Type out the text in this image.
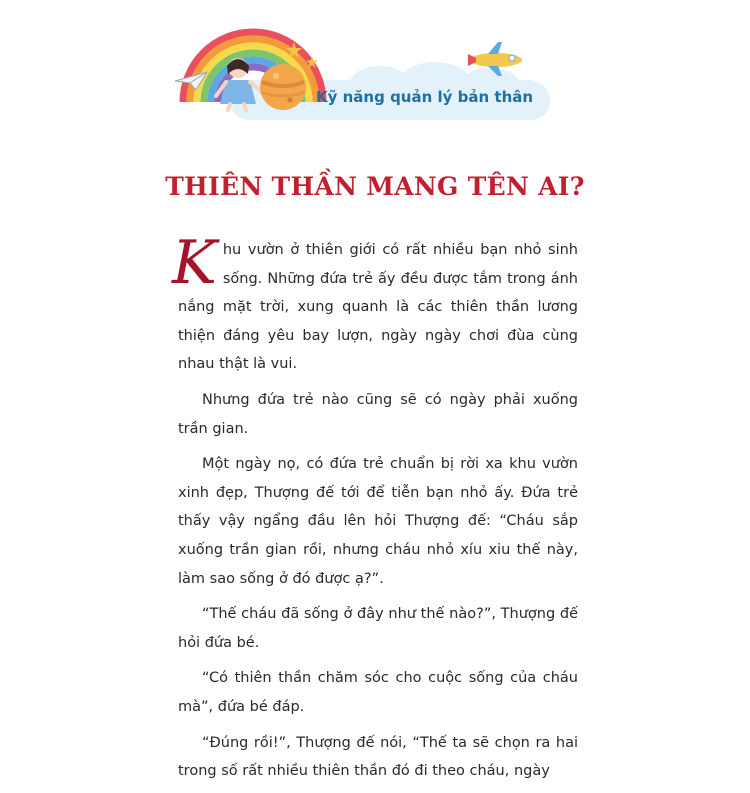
Kỹ năng quản lý bản thân
THIÊN THẦN MANG TÊN AI?

Khu vườn ở thiên giới có rất nhiều bạn nhỏ sinh sống. Những đứa trẻ ấy đều được tắm trong ánh nắng mặt trời, xung quanh là các thiên thần lương thiện đáng yêu bay lượn, ngày ngày chơi đùa cùng nhau thật là vui.

Nhưng đứa trẻ nào cũng sẽ có ngày phải xuống trần gian.

Một ngày nọ, có đứa trẻ chuẩn bị rời xa khu vườn xinh đẹp, Thượng đế tới để tiễn bạn nhỏ ấy. Đứa trẻ thấy vậy ngẩng đầu lên hỏi Thượng đế: “Cháu sắp xuống trần gian rồi, nhưng cháu nhỏ xíu xiu thế này, làm sao sống ở đó được ạ?”.

“Thế cháu đã sống ở đây như thế nào?”, Thượng đế hỏi đứa bé.

“Có thiên thần chăm sóc cho cuộc sống của cháu mà”, đứa bé đáp.

“Đúng rồi!”, Thượng đế nói, “Thế ta sẽ chọn ra hai trong số rất nhiều thiên thần đó đi theo cháu, ngày
